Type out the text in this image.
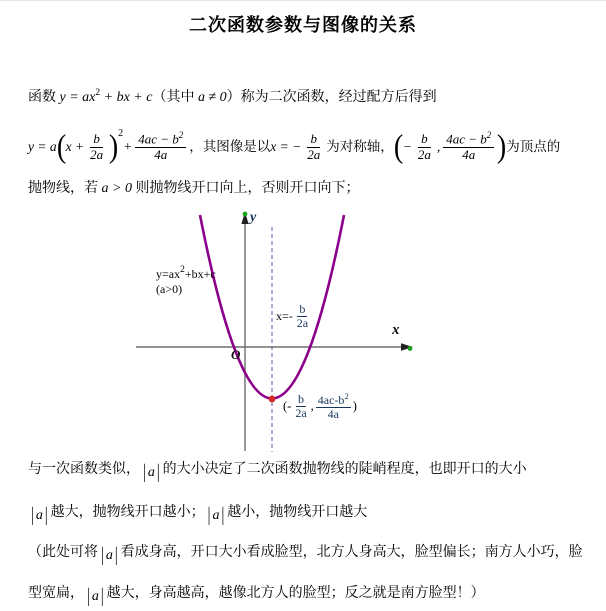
二次函数参数与图像的关系
函数 $y = ax^2$ + bx + c（其中 a ≠ 0）称为二次函数，经过配方后得到
y = a ( $x + \frac{b}{2a}$ ) 2
+ $\frac{4ac - b^2}{4a}$ ，其图像是以 x = − $\frac{b}{2a}$ 为对称轴， ( − $\frac{b}{2a}$ , $\frac{4ac - b^2}{4a}$ ) 为顶点的
抛物线，若 a > 0 则抛物线开口向上，否则开口向下；
$y=ax^2+bx+c$
(a>0)
y
x
O
$x=- \frac{b}{2a}$
(- $\frac{b}{2a}$ , $\frac{4ac-b^2}{4a}$ )
与一次函数类似， | a | 的大小决定了二次函数抛物线的陡峭程度，也即开口的大小
| a | 越大，抛物线开口越小； | a | 越小，抛物线开口越大
（此处可将 | a | 看成身高，开口大小看成脸型，北方人身高大，脸型偏长；南方人小巧，脸
型宽扁， | a | 越大，身高越高，越像北方人的脸型；反之就是南方脸型！）
